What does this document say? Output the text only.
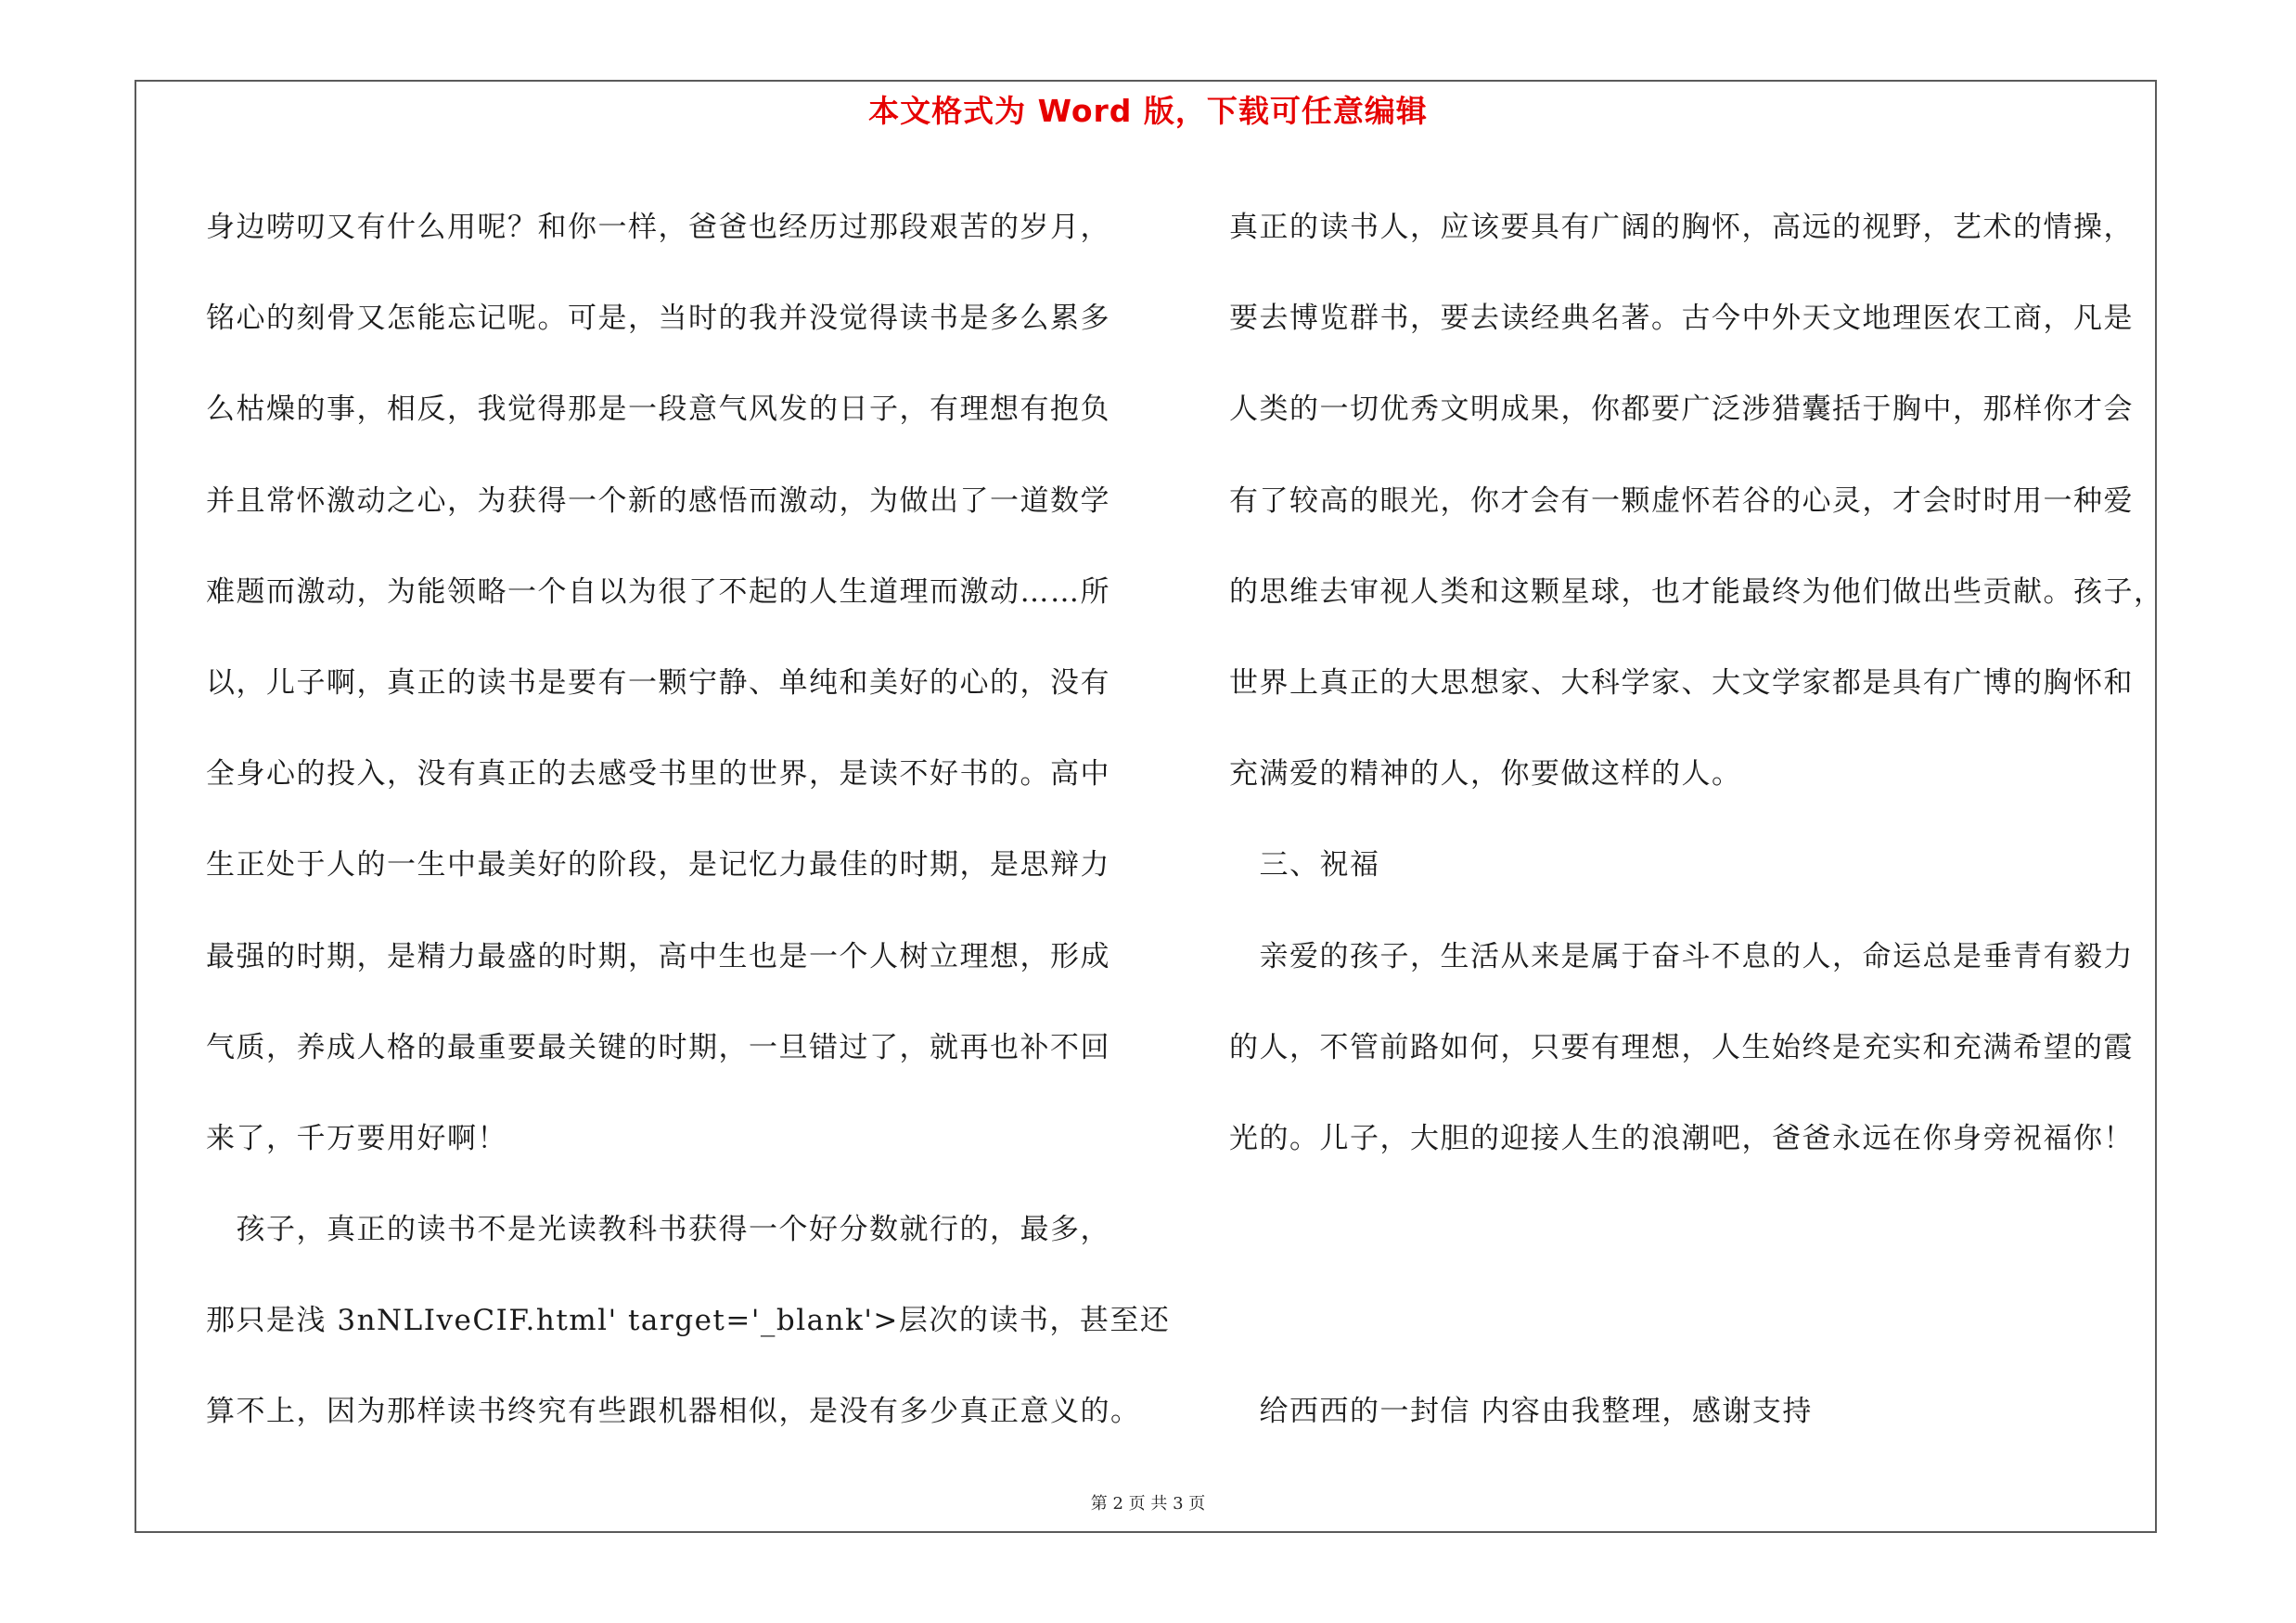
本文格式为 Word 版，下载可任意编辑
身边唠叨又有什么用呢？和你一样，爸爸也经历过那段艰苦的岁月，
铭心的刻骨又怎能忘记呢。可是，当时的我并没觉得读书是多么累多
么枯燥的事，相反，我觉得那是一段意气风发的日子，有理想有抱负
并且常怀激动之心，为获得一个新的感悟而激动，为做出了一道数学
难题而激动，为能领略一个自以为很了不起的人生道理而激动……所
以，儿子啊，真正的读书是要有一颗宁静、单纯和美好的心的，没有
全身心的投入，没有真正的去感受书里的世界，是读不好书的。高中
生正处于人的一生中最美好的阶段，是记忆力最佳的时期，是思辩力
最强的时期，是精力最盛的时期，高中生也是一个人树立理想，形成
气质，养成人格的最重要最关键的时期，一旦错过了，就再也补不回
来了，千万要用好啊！
　孩子，真正的读书不是光读教科书获得一个好分数就行的，最多，
那只是浅 3nNLIveCIF.html' target='_blank'>层次的读书，甚至还
算不上，因为那样读书终究有些跟机器相似，是没有多少真正意义的。
真正的读书人，应该要具有广阔的胸怀，高远的视野，艺术的情操，
要去博览群书，要去读经典名著。古今中外天文地理医农工商，凡是
人类的一切优秀文明成果，你都要广泛涉猎囊括于胸中，那样你才会
有了较高的眼光，你才会有一颗虚怀若谷的心灵，才会时时用一种爱
的思维去审视人类和这颗星球，也才能最终为他们做出些贡献。孩子，
世界上真正的大思想家、大科学家、大文学家都是具有广博的胸怀和
充满爱的精神的人，你要做这样的人。
　三、祝福
　亲爱的孩子，生活从来是属于奋斗不息的人，命运总是垂青有毅力
的人，不管前路如何，只要有理想，人生始终是充实和充满希望的霞
光的。儿子，大胆的迎接人生的浪潮吧，爸爸永远在你身旁祝福你！
　给西西的一封信 内容由我整理，感谢支持
第 2 页 共 3 页
